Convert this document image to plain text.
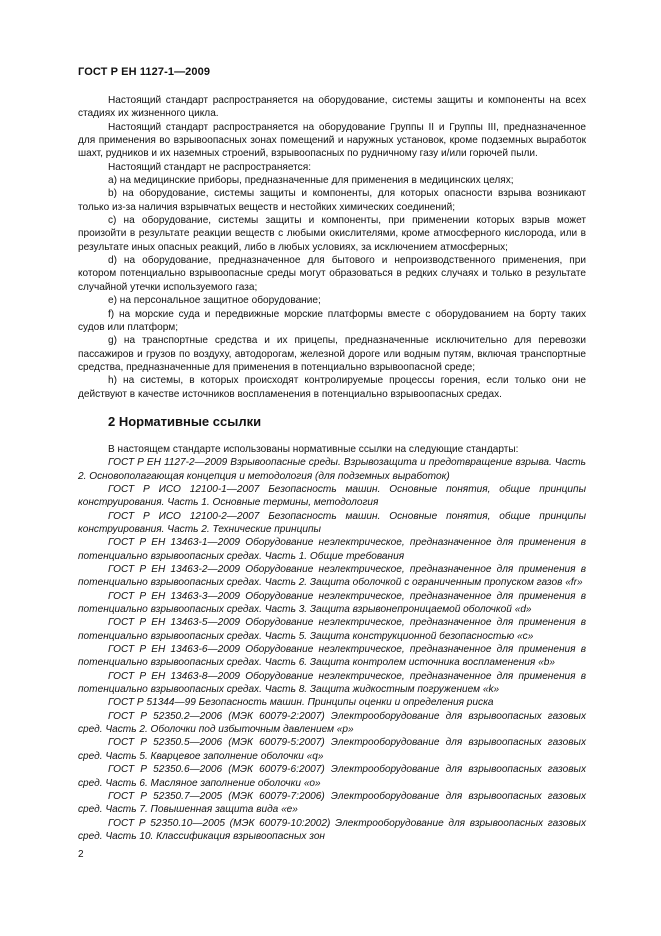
ГОСТ Р ЕН 1127-1—2009

Настоящий стандарт распространяется на оборудование, системы защиты и компоненты на всех стадиях их жизненного цикла.

Настоящий стандарт распространяется на оборудование Группы II и Группы III, предназначенное для применения во взрывоопасных зонах помещений и наружных установок, кроме подземных выработок шахт, рудников и их наземных строений, взрывоопасных по рудничному газу и/или горючей пыли.

Настоящий стандарт не распространяется:

a) на медицинские приборы, предназначенные для применения в медицинских целях;

b) на оборудование, системы защиты и компоненты, для которых опасности взрыва возникают только из-за наличия взрывчатых веществ и нестойких химических соединений;

c) на оборудование, системы защиты и компоненты, при применении которых взрыв может произойти в результате реакции веществ с любыми окислителями, кроме атмосферного кислорода, или в результате иных опасных реакций, либо в любых условиях, за исключением атмосферных;

d) на оборудование, предназначенное для бытового и непроизводственного применения, при котором потенциально взрывоопасные среды могут образоваться в редких случаях и только в результате случайной утечки используемого газа;

e) на персональное защитное оборудование;

f) на морские суда и передвижные морские платформы вместе с оборудованием на борту таких судов или платформ;

g) на транспортные средства и их прицепы, предназначенные исключительно для перевозки пассажиров и грузов по воздуху, автодорогам, железной дороге или водным путям, включая транспортные средства, предназначенные для применения в потенциально взрывоопасной среде;

h) на системы, в которых происходят контролируемые процессы горения, если только они не действуют в качестве источников воспламенения в потенциально взрывоопасных средах.

2 Нормативные ссылки

В настоящем стандарте использованы нормативные ссылки на следующие стандарты:

ГОСТ Р ЕН 1127-2—2009 Взрывоопасные среды. Взрывозащита и предотвращение взрыва. Часть 2. Основополагающая концепция и методология (для подземных выработок)

ГОСТ Р ИСО 12100-1—2007 Безопасность машин. Основные понятия, общие принципы конструирования. Часть 1. Основные термины, методология

ГОСТ Р ИСО 12100-2—2007 Безопасность машин. Основные понятия, общие принципы конструирования. Часть 2. Технические принципы

ГОСТ Р ЕН 13463-1—2009 Оборудование неэлектрическое, предназначенное для применения в потенциально взрывоопасных средах. Часть 1. Общие требования

ГОСТ Р ЕН 13463-2—2009 Оборудование неэлектрическое, предназначенное для применения в потенциально взрывоопасных средах. Часть 2. Защита оболочкой с ограниченным пропуском газов «fr»

ГОСТ Р ЕН 13463-3—2009 Оборудование неэлектрическое, предназначенное для применения в потенциально взрывоопасных средах. Часть 3. Защита взрывонепроницаемой оболочкой «d»

ГОСТ Р ЕН 13463-5—2009 Оборудование неэлектрическое, предназначенное для применения в потенциально взрывоопасных средах. Часть 5. Защита конструкционной безопасностью «с»

ГОСТ Р ЕН 13463-6—2009 Оборудование неэлектрическое, предназначенное для применения в потенциально взрывоопасных средах. Часть 6. Защита контролем источника воспламенения «b»

ГОСТ Р ЕН 13463-8—2009 Оборудование неэлектрическое, предназначенное для применения в потенциально взрывоопасных средах. Часть 8. Защита жидкостным погружением «k»

ГОСТ Р 51344—99 Безопасность машин. Принципы оценки и определения риска

ГОСТ Р 52350.2—2006 (МЭК 60079-2:2007) Электрооборудование для взрывоопасных газовых сред. Часть 2. Оболочки под избыточным давлением «р»

ГОСТ Р 52350.5—2006 (МЭК 60079-5:2007) Электрооборудование для взрывоопасных газовых сред. Часть 5. Кварцевое заполнение оболочки «q»

ГОСТ Р 52350.6—2006 (МЭК 60079-6:2007) Электрооборудование для взрывоопасных газовых сред. Часть 6. Масляное заполнение оболочки «о»

ГОСТ Р 52350.7—2005 (МЭК 60079-7:2006) Электрооборудование для взрывоопасных газовых сред. Часть 7. Повышенная защита вида «е»

ГОСТ Р 52350.10—2005 (МЭК 60079-10:2002) Электрооборудование для взрывоопасных газовых сред. Часть 10. Классификация взрывоопасных зон

2
